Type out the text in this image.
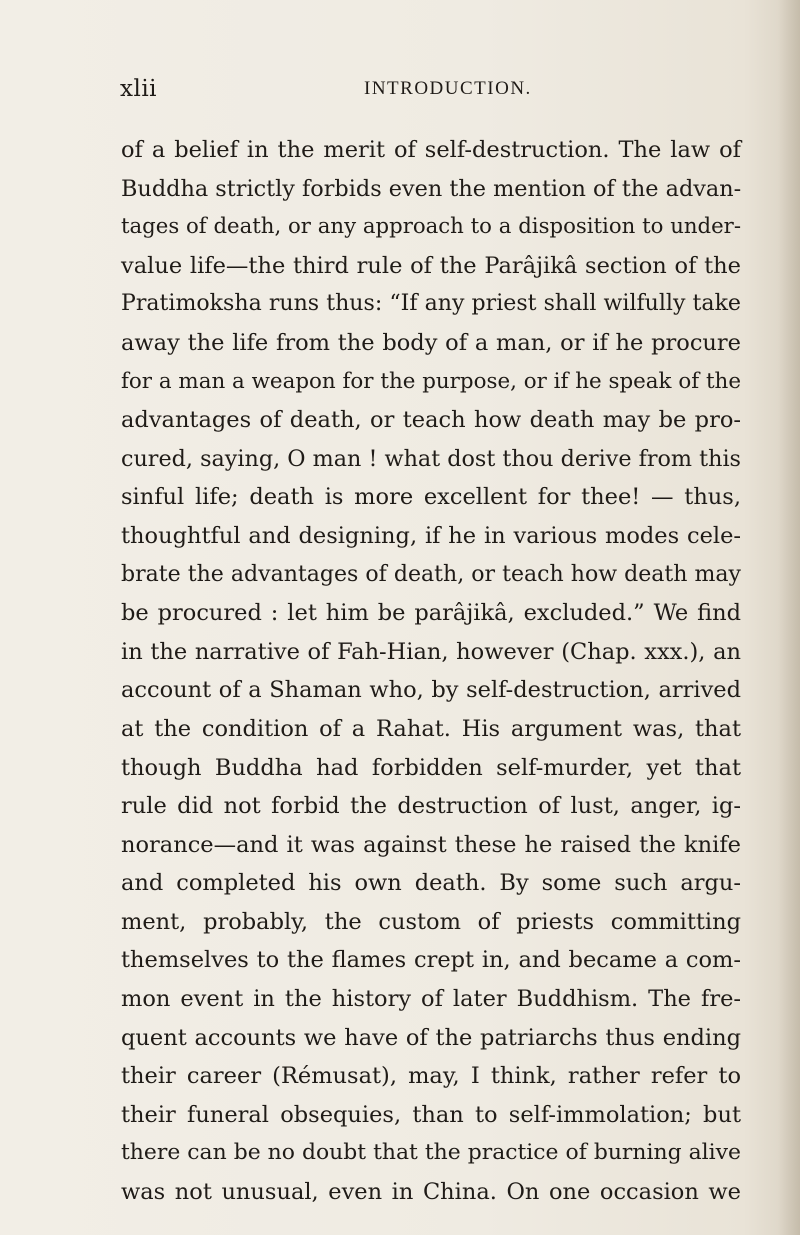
xlii	INTRODUCTION.
of a belief in the merit of self-destruction. The law of
Buddha strictly forbids even the mention of the advan-
tages of death, or any approach to a disposition to under-
value life—the third rule of the Parâjikâ section of the
Pratimoksha runs thus: “If any priest shall wilfully take
away the life from the body of a man, or if he procure
for a man a weapon for the purpose, or if he speak of the
advantages of death, or teach how death may be pro-
cured, saying, O man ! what dost thou derive from this
sinful life; death is more excellent for thee! — thus,
thoughtful and designing, if he in various modes cele-
brate the advantages of death, or teach how death may
be procured : let him be parâjikâ, excluded.” We find
in the narrative of Fah-Hian, however (Chap. xxx.), an
account of a Shaman who, by self-destruction, arrived
at the condition of a Rahat. His argument was, that
though Buddha had forbidden self-murder, yet that
rule did not forbid the destruction of lust, anger, ig-
norance—and it was against these he raised the knife
and completed his own death. By some such argu-
ment, probably, the custom of priests committing
themselves to the flames crept in, and became a com-
mon event in the history of later Buddhism. The fre-
quent accounts we have of the patriarchs thus ending
their career (Rémusat), may, I think, rather refer to
their funeral obsequies, than to self-immolation; but
there can be no doubt that the practice of burning alive
was not unusual, even in China. On one occasion we
